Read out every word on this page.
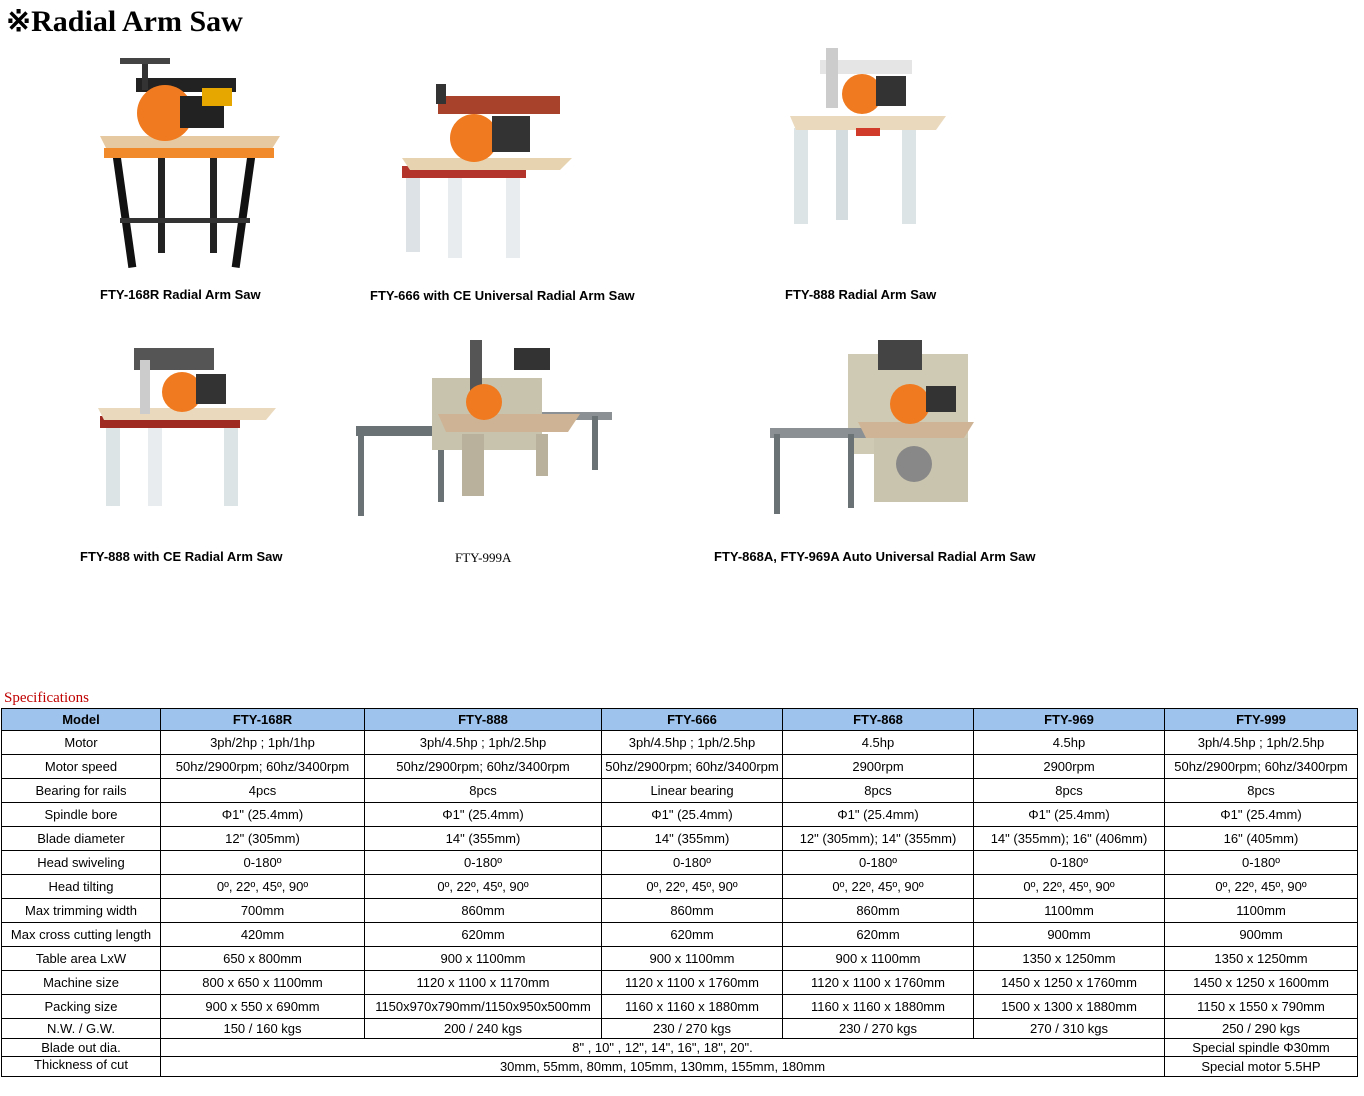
※Radial Arm Saw
FTY-168R Radial Arm Saw	FTY-666 with CE Universal Radial Arm Saw	FTY-888 Radial Arm Saw
FTY-888 with CE Radial Arm Saw	FTY-999A	FTY-868A, FTY-969A Auto Universal Radial Arm Saw
Specifications
Model	FTY-168R	FTY-888	FTY-666	FTY-868	FTY-969	FTY-999
Motor	3ph/2hp ; 1ph/1hp	3ph/4.5hp ; 1ph/2.5hp	3ph/4.5hp ; 1ph/2.5hp	4.5hp	4.5hp	3ph/4.5hp ; 1ph/2.5hp
Motor speed	50hz/2900rpm; 60hz/3400rpm	50hz/2900rpm; 60hz/3400rpm	50hz/2900rpm; 60hz/3400rpm	2900rpm	2900rpm	50hz/2900rpm; 60hz/3400rpm
Bearing for rails	4pcs	8pcs	Linear bearing	8pcs	8pcs	8pcs
Spindle bore	Φ1" (25.4mm)	Φ1" (25.4mm)	Φ1" (25.4mm)	Φ1" (25.4mm)	Φ1" (25.4mm)	Φ1" (25.4mm)
Blade diameter	12" (305mm)	14" (355mm)	14" (355mm)	12" (305mm); 14" (355mm)	14" (355mm); 16" (406mm)	16" (405mm)
Head swiveling	0-180º	0-180º	0-180º	0-180º	0-180º	0-180º
Head tilting	0º, 22º, 45º, 90º	0º, 22º, 45º, 90º	0º, 22º, 45º, 90º	0º, 22º, 45º, 90º	0º, 22º, 45º, 90º	0º, 22º, 45º, 90º
Max trimming width	700mm	860mm	860mm	860mm	1100mm	1100mm
Max cross cutting length	420mm	620mm	620mm	620mm	900mm	900mm
Table area LxW	650 x 800mm	900 x 1100mm	900 x 1100mm	900 x 1100mm	1350 x 1250mm	1350 x 1250mm
Machine size	800 x 650 x 1100mm	1120 x 1100 x 1170mm	1120 x 1100 x 1760mm	1120 x 1100 x 1760mm	1450 x 1250 x 1760mm	1450 x 1250 x 1600mm
Packing size	900 x 550 x 690mm	1150x970x790mm/1150x950x500mm	1160 x 1160 x 1880mm	1160 x 1160 x 1880mm	1500 x 1300 x 1880mm	1150 x 1550 x 790mm
N.W. / G.W.	150 / 160 kgs	200 / 240 kgs	230 / 270 kgs	230 / 270 kgs	270 / 310 kgs	250 / 290 kgs
Blade out dia.	8" , 10" , 12", 14", 16", 18", 20".					Special spindle Φ30mm
Thickness of cut	30mm, 55mm, 80mm, 105mm, 130mm, 155mm, 180mm					Special motor 5.5HP
